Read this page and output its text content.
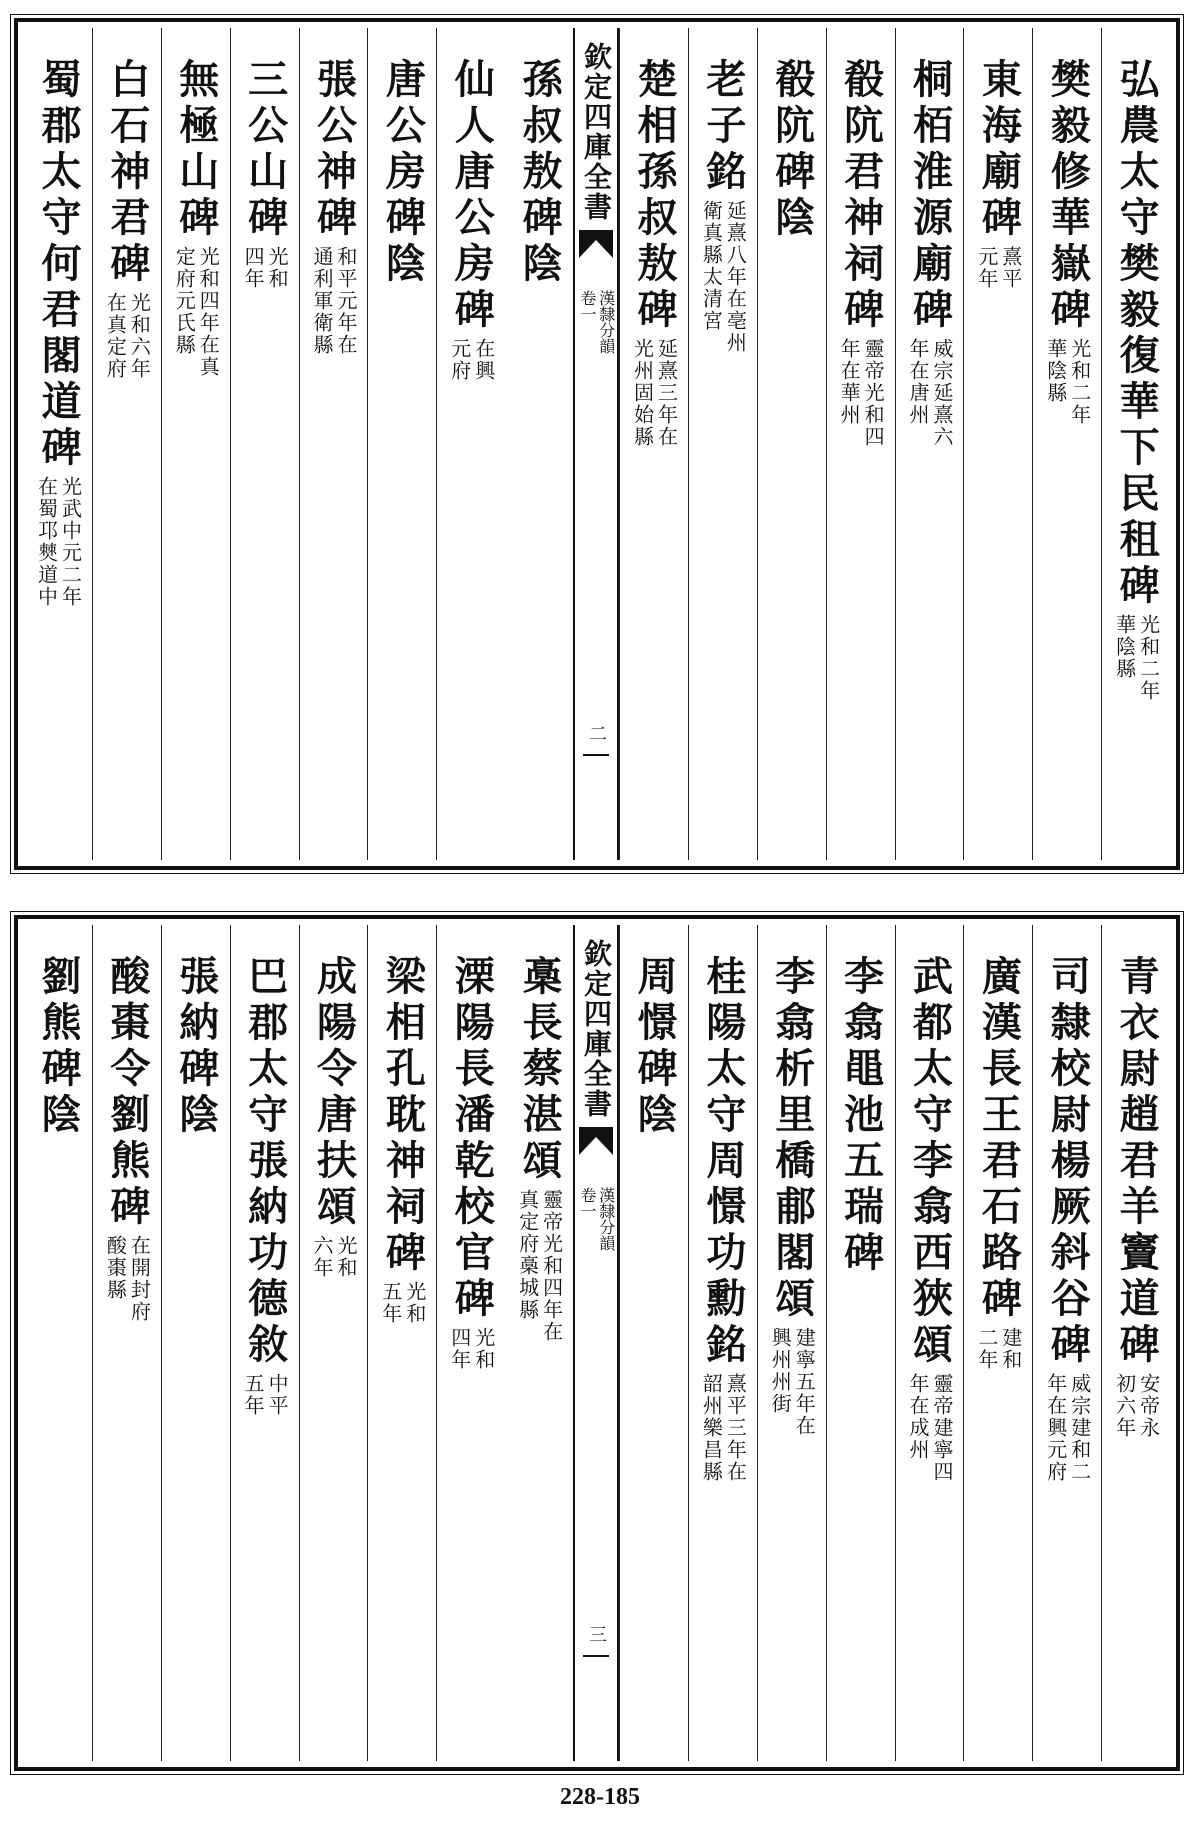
弘農太守樊毅復華下民租碑
光和二年
華陰縣
樊毅修華嶽碑
光和二年
華陰縣
東海廟碑
熹平
元年
桐栢淮源廟碑
威宗延熹六
年在唐州
殽阬君神祠碑
靈帝光和四
年在華州
殽阬碑陰
老子銘
延熹八年在亳州
衛真縣太清宮
楚相孫叔敖碑
延熹三年在
光州固始縣
欽定四庫全書
漢隸分韻
卷一
二
孫叔敖碑陰
仙人唐公房碑
在興
元府
唐公房碑陰
張公神碑
和平元年在
通利軍衛縣
三公山碑
光和
四年
無極山碑
光和四年在真
定府元氏縣
白石神君碑
光和六年
在真定府
蜀郡太守何君閣道碑
光武中元二年
在蜀邛僰道中
青衣尉趙君羊竇道碑
安帝永
初六年
司隸校尉楊厥斜谷碑
威宗建和二
年在興元府
廣漢長王君石路碑
建和
二年
武都太守李翕西狹頌
靈帝建寧四
年在成州
李翕黽池五瑞碑
李翕析里橋郙閣頌
建寧五年在
興州州街
桂陽太守周憬功勳銘
熹平三年在
韶州樂昌縣
周憬碑陰
欽定四庫全書
漢隸分韻
卷一
三
槀長蔡湛頌
靈帝光和四年在
真定府槀城縣
溧陽長潘乾校官碑
光和
四年
梁相孔耽神祠碑
光和
五年
成陽令唐扶頌
光和
六年
巴郡太守張納功德敘
中平
五年
張納碑陰
酸棗令劉熊碑
在開封府
酸棗縣
劉熊碑陰
228-185
